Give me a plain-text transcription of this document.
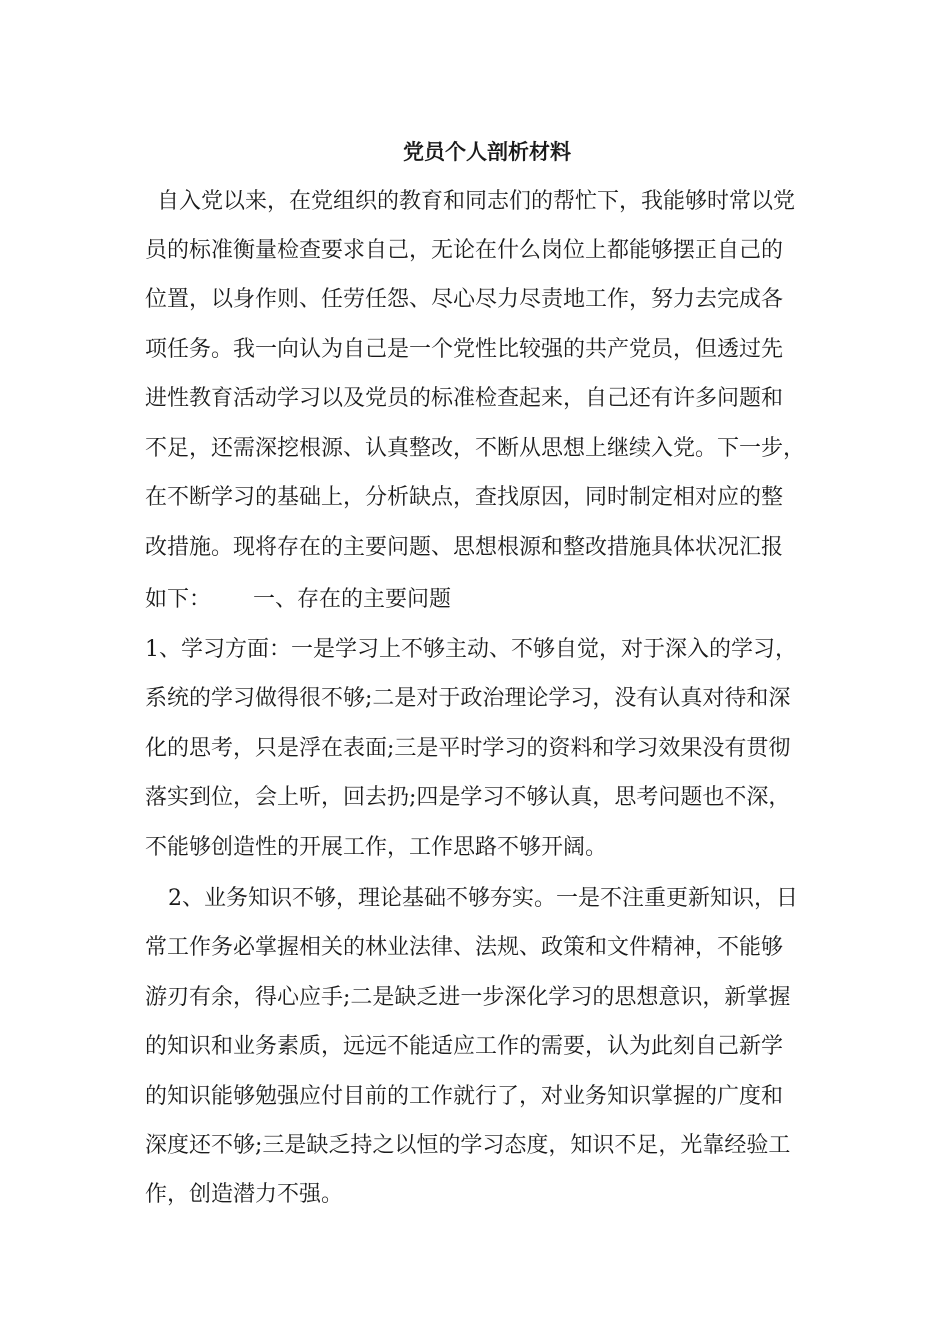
党员个人剖析材料

自入党以来，在党组织的教育和同志们的帮忙下，我能够时常以党

员的标准衡量检查要求自己，无论在什么岗位上都能够摆正自己的

位置，以身作则、任劳任怨、尽心尽力尽责地工作，努力去完成各

项任务。我一向认为自己是一个党性比较强的共产党员，但透过先

进性教育活动学习以及党员的标准检查起来，自己还有许多问题和

不足，还需深挖根源、认真整改，不断从思想上继续入党。下一步，

在不断学习的基础上，分析缺点，查找原因，同时制定相对应的整

改措施。现将存在的主要问题、思想根源和整改措施具体状况汇报

如下：      一、存在的主要问题

1、学习方面：一是学习上不够主动、不够自觉，对于深入的学习，

系统的学习做得很不够;二是对于政治理论学习，没有认真对待和深

化的思考，只是浮在表面;三是平时学习的资料和学习效果没有贯彻

落实到位，会上听，回去扔;四是学习不够认真，思考问题也不深，

不能够创造性的开展工作，工作思路不够开阔。

2、业务知识不够，理论基础不够夯实。一是不注重更新知识，日

常工作务必掌握相关的林业法律、法规、政策和文件精神，不能够

游刃有余，得心应手;二是缺乏进一步深化学习的思想意识，新掌握

的知识和业务素质，远远不能适应工作的需要，认为此刻自己新学

的知识能够勉强应付目前的工作就行了，对业务知识掌握的广度和

深度还不够;三是缺乏持之以恒的学习态度，知识不足，光靠经验工

作，创造潜力不强。
